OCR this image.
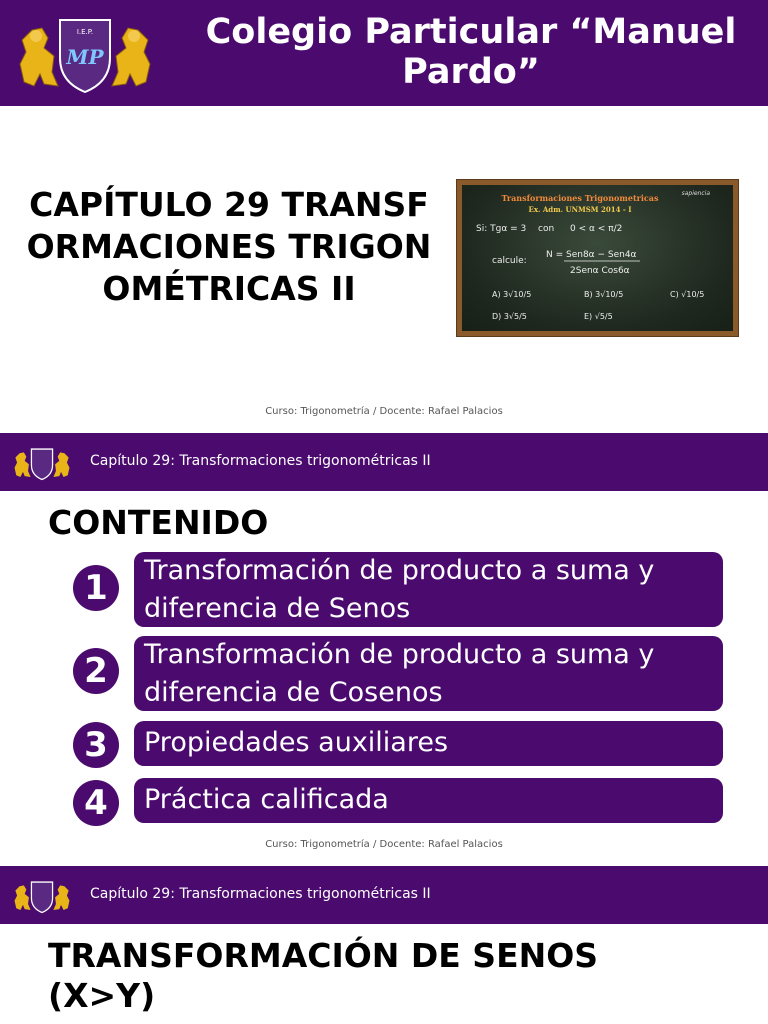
I.E.P.
MP
Colegio Particular “Manuel Pardo”
CAPÍTULO 29 TRANSFORMACIONES TRIGONOMÉTRICAS II
Transformaciones Trigonometricas	sapiencia
Ex. Adm. UNMSM 2014 - I
Si: Tgα = 3 con 0 < α < π/2
calcule:
N = Sen8α − Sen4α
2Senα Cos6α
A) 3√10/5	B) 3√10/5	C) √10/5
D) 3√5/5	E) √5/5
Curso: Trigonometría / Docente: Rafael Palacios
Capítulo 29: Transformaciones trigonométricas II
CONTENIDO
1	Transformación de producto a suma y diferencia de Senos
2	Transformación de producto a suma y diferencia de Cosenos
3	Propiedades auxiliares
4	Práctica calificada
Curso: Trigonometría / Docente: Rafael Palacios
Capítulo 29: Transformaciones trigonométricas II
TRANSFORMACIÓN DE SENOS (X>Y)
